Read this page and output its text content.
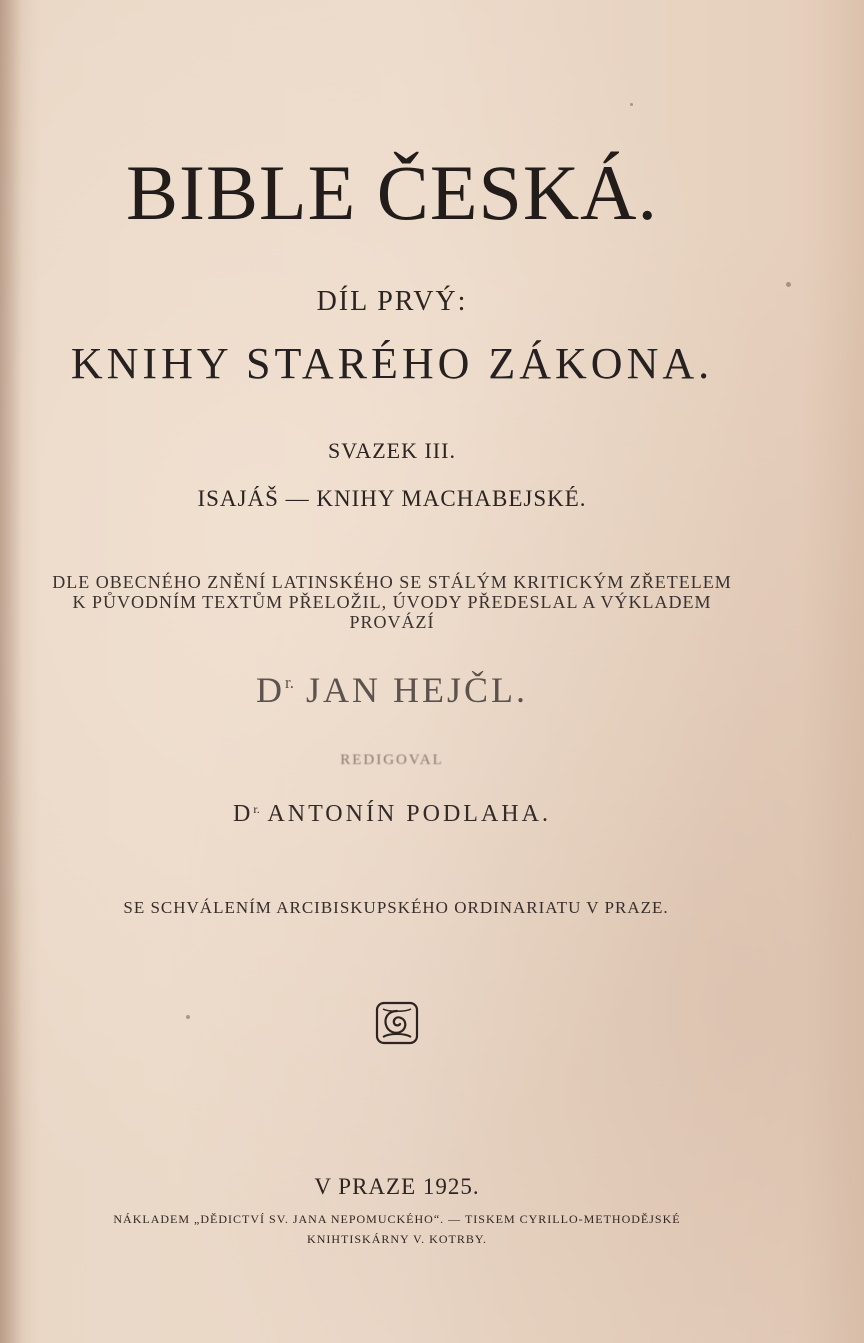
BIBLE ČESKÁ.
DÍL PRVÝ:
KNIHY STARÉHO ZÁKONA.
SVAZEK III.
ISAJÁŠ — KNIHY MACHABEJSKÉ.
DLE OBECNÉHO ZNĚNÍ LATINSKÉHO SE STÁLÝM KRITICKÝM ZŘETELEM
K PŮVODNÍM TEXTŮM PŘELOŽIL, ÚVODY PŘEDESLAL A VÝKLADEM
PROVÁZÍ
$D^{r.}$ JAN HEJČL.
REDIGOVAL
$D^{r.}$ ANTONÍN PODLAHA.
SE SCHVÁLENÍM ARCIBISKUPSKÉHO ORDINARIATU V PRAZE.
V PRAZE 1925.
NÁKLADEM „DĚDICTVÍ SV. JANA NEPOMUCKÉHO“. — TISKEM CYRILLO-METHODĚJSKÉ
KNIHTISKÁRNY V. KOTRBY.
